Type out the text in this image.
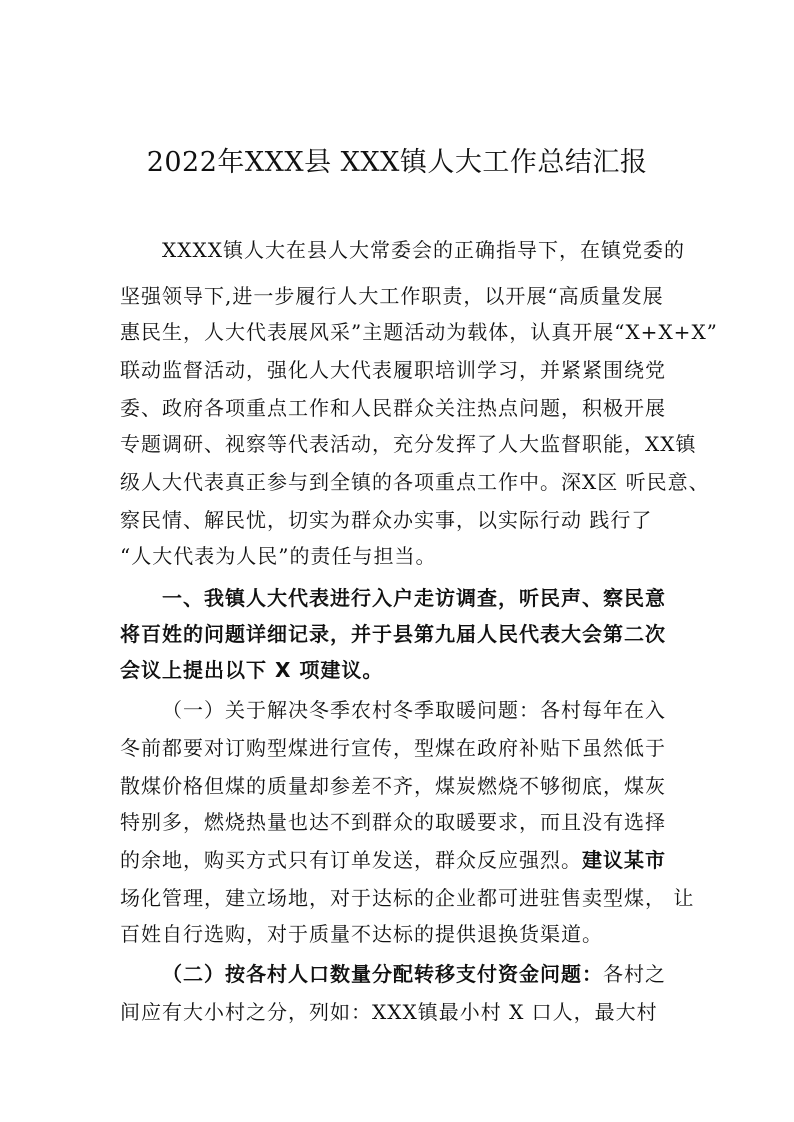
2022年XXX县 XXX镇人大工作总结汇报
XXXX镇人大在县人大常委会的正确指导下，在镇党委的
坚强领导下,进一步履行人大工作职责，以开展“高质量发展
惠民生，人大代表展风采”主题活动为载体，认真开展“X+X+X”
联动监督活动，强化人大代表履职培训学习，并紧紧围绕党
委、政府各项重点工作和人民群众关注热点问题，积极开展
专题调研、视察等代表活动，充分发挥了人大监督职能，XX镇
级人大代表真正参与到全镇的各项重点工作中。深X区 听民意、
察民情、解民忧，切实为群众办实事，以实际行动 践行了
“人大代表为人民”的责任与担当。
一、我镇人大代表进行入户走访调查，听民声、察民意
将百姓的问题详细记录，并于县第九届人民代表大会第二次
会议上提出以下 X 项建议。
（一）关于解决冬季农村冬季取暖问题：各村每年在入
冬前都要对订购型煤进行宣传，型煤在政府补贴下虽然低于
散煤价格但煤的质量却参差不齐，煤炭燃烧不够彻底，煤灰
特别多，燃烧热量也达不到群众的取暖要求，而且没有选择
的余地，购买方式只有订单发送，群众反应强烈。建议某市
场化管理，建立场地，对于达标的企业都可进驻售卖型煤， 让
百姓自行选购，对于质量不达标的提供退换货渠道。
（二）按各村人口数量分配转移支付资金问题：各村之
间应有大小村之分，列如：XXX镇最小村 X 口人，最大村
